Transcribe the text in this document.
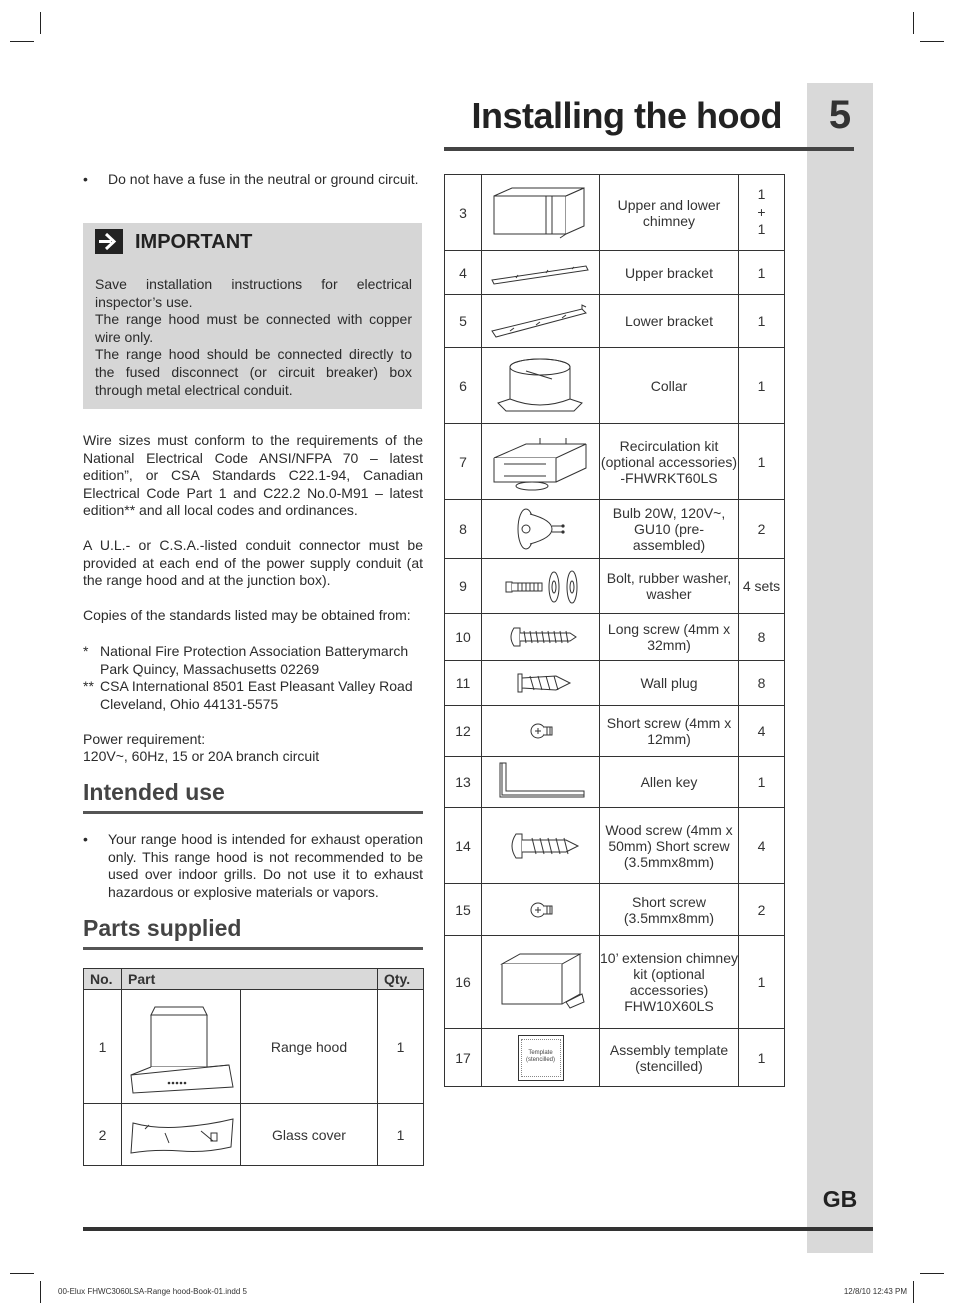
5
GB
Installing the hood
• Do not have a fuse in the neutral or ground circuit.

IMPORTANT

Save installation instructions for electrical inspector’s use.

The range hood must be connected with copper wire only.

The range hood should be connected directly to the fused disconnect (or circuit breaker) box through metal electrical conduit.

Wire sizes must conform to the requirements of the National Electrical Code ANSI/NFPA 70 – latest edition”, or CSA Standards C22.1-94, Canadian Electrical Code Part 1 and C22.2 No.0-M91 – latest edition** and all local codes and ordinances.

A U.L.- or C.S.A.-listed conduit connector must be provided at each end of the power supply conduit (at the range hood and at the junction box).

Copies of the standards listed may be obtained from:

* National Fire Protection Association Batterymarch Park Quincy, Massachusetts 02269

** CSA International 8501 East Pleasant Valley Road Cleveland, Ohio 44131-5575

Power requirement:

120V~, 60Hz, 15 or 20A branch circuit

Intended use
• Your range hood is intended for exhaust operation only. This range hood is not recommended to be used over indoor grills. Do not use it to exhaust hazardous or explosive materials or vapors.

Parts supplied
No.	Part		Qty.
1		Range hood	1
2		Glass cover	1
3		Upper and lower chimney	1
+
1

4		Upper bracket	1
5		Lower bracket	1
6		Collar	1
7		Recirculation kit (optional accessories) -FHWRKT60LS	1
8		Bulb 20W, 120V~, GU10 (pre-assembled)	2
9		Bolt, rubber washer, washer	4 sets
10		Long screw (4mm x 32mm)	8
11		Wall plug	8
12		Short screw (4mm x 12mm)	4
13		Allen key	1
14		Wood screw (4mm x 50mm) Short screw (3.5mmx8mm)	4
15		Short screw (3.5mmx8mm)	2
16		10’ extension chimney kit (optional accessories) FHW10X60LS	1
17	Template (stencilled)	Assembly template (stencilled)	1
00-Elux FHWC3060LSA-Range hood-Book-01.indd 5	12/8/10 12:43 PM
